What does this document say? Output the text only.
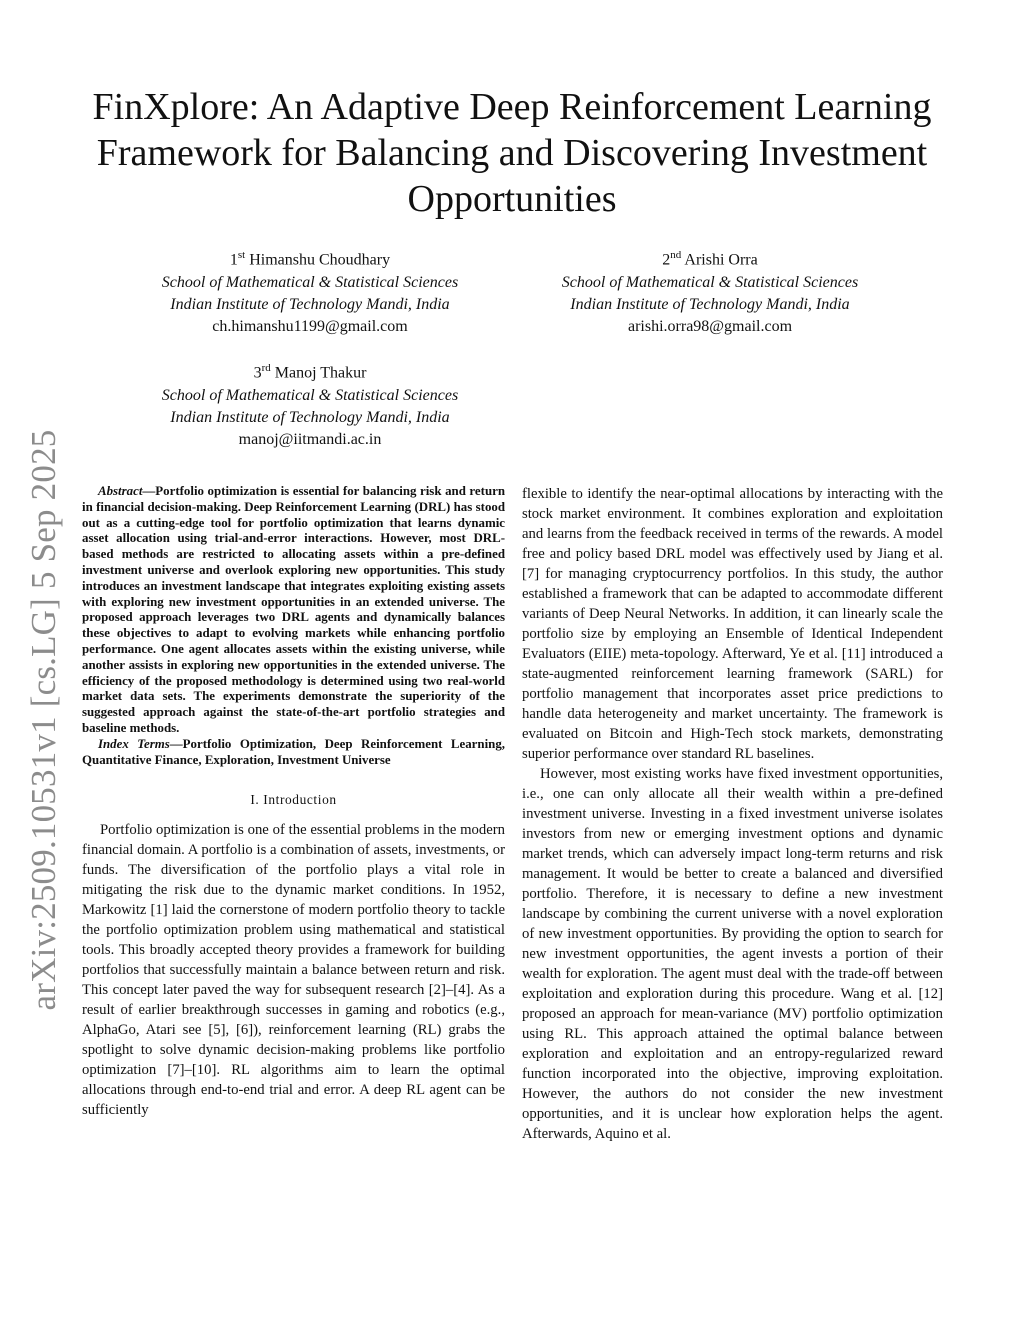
arXiv:2509.10531v1 [cs.LG] 5 Sep 2025
FinXplore: An Adaptive Deep Reinforcement Learning Framework for Balancing and Discovering Investment Opportunities
1st Himanshu Choudhary
School of Mathematical & Statistical Sciences
Indian Institute of Technology Mandi, India
ch.himanshu1199@gmail.com
2nd Arishi Orra
School of Mathematical & Statistical Sciences
Indian Institute of Technology Mandi, India
arishi.orra98@gmail.com
3rd Manoj Thakur
School of Mathematical & Statistical Sciences
Indian Institute of Technology Mandi, India
manoj@iitmandi.ac.in

Abstract—Portfolio optimization is essential for balancing risk and return in financial decision-making. Deep Reinforcement Learning (DRL) has stood out as a cutting-edge tool for portfolio optimization that learns dynamic asset allocation using trial-and-error interactions. However, most DRL-based methods are restricted to allocating assets within a pre-defined investment universe and overlook exploring new opportunities. This study introduces an investment landscape that integrates exploiting existing assets with exploring new investment opportunities in an extended universe. The proposed approach leverages two DRL agents and dynamically balances these objectives to adapt to evolving markets while enhancing portfolio performance. One agent allocates assets within the existing universe, while another assists in exploring new opportunities in the extended universe. The efficiency of the proposed methodology is determined using two real-world market data sets. The experiments demonstrate the superiority of the suggested approach against the state-of-the-art portfolio strategies and baseline methods.

Index Terms—Portfolio Optimization, Deep Reinforcement Learning, Quantitative Finance, Exploration, Investment Universe

I. Introduction

Portfolio optimization is one of the essential problems in the modern financial domain. A portfolio is a combination of assets, investments, or funds. The diversification of the portfolio plays a vital role in mitigating the risk due to the dynamic market conditions. In 1952, Markowitz [1] laid the cornerstone of modern portfolio theory to tackle the portfolio optimization problem using mathematical and statistical tools. This broadly accepted theory provides a framework for building portfolios that successfully maintain a balance between return and risk. This concept later paved the way for subsequent research [2]–[4]. As a result of earlier breakthrough successes in gaming and robotics (e.g., AlphaGo, Atari see [5], [6]), reinforcement learning (RL) grabs the spotlight to solve dynamic decision-making problems like portfolio optimization [7]–[10]. RL algorithms aim to learn the optimal allocations through end-to-end trial and error. A deep RL agent can be sufficiently

flexible to identify the near-optimal allocations by interacting with the stock market environment. It combines exploration and exploitation and learns from the feedback received in terms of the rewards. A model free and policy based DRL model was effectively used by Jiang et al. [7] for managing cryptocurrency portfolios. In this study, the author established a framework that can be adapted to accommodate different variants of Deep Neural Networks. In addition, it can linearly scale the portfolio size by employing an Ensemble of Identical Independent Evaluators (EIIE) meta-topology. Afterward, Ye et al. [11] introduced a state-augmented reinforcement learning framework (SARL) for portfolio management that incorporates asset price predictions to handle data heterogeneity and market uncertainty. The framework is evaluated on Bitcoin and High-Tech stock markets, demonstrating superior performance over standard RL baselines.

However, most existing works have fixed investment opportunities, i.e., one can only allocate all their wealth within a pre-defined investment universe. Investing in a fixed investment universe isolates investors from new or emerging investment options and dynamic market trends, which can adversely impact long-term returns and risk management. It would be better to create a balanced and diversified portfolio. Therefore, it is necessary to define a new investment landscape by combining the current universe with a novel exploration of new investment opportunities. By providing the option to search for new investment opportunities, the agent invests a portion of their wealth for exploration. The agent must deal with the trade-off between exploitation and exploration during this procedure. Wang et al. [12] proposed an approach for mean-variance (MV) portfolio optimization using RL. This approach attained the optimal balance between exploration and exploitation and an entropy-regularized reward function incorporated into the objective, improving exploitation. However, the authors do not consider the new investment opportunities, and it is unclear how exploration helps the agent. Afterwards, Aquino et al.
